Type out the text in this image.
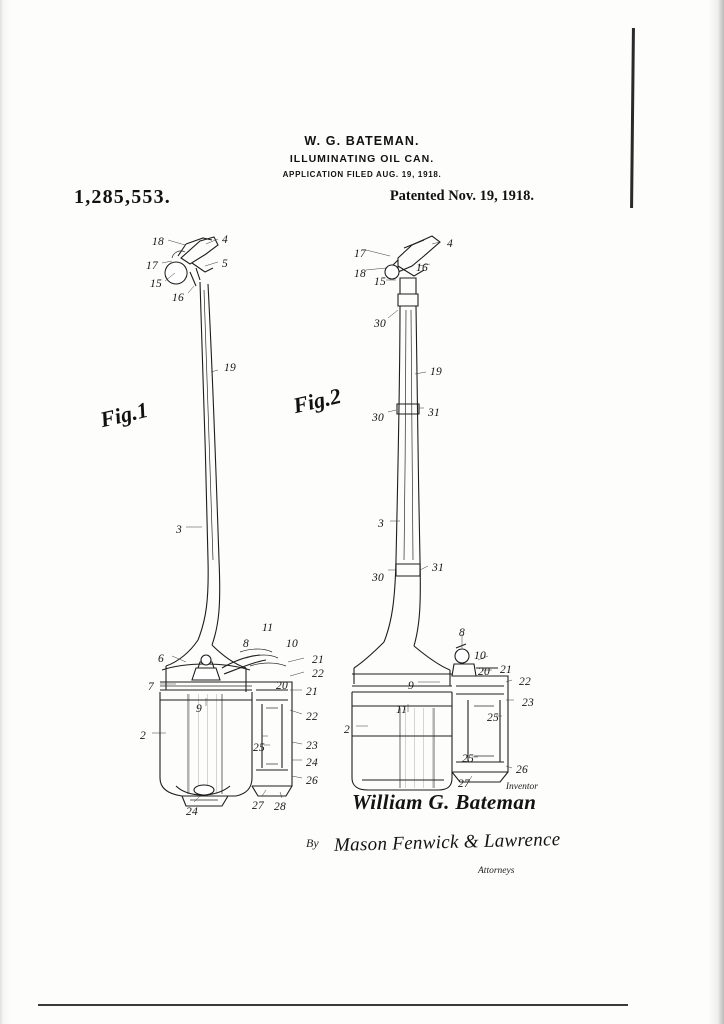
W. G. BATEMAN.
ILLUMINATING OIL CAN.
APPLICATION FILED AUG. 19, 1918.
1,285,553.	Patented Nov. 19, 1918.
Fig.1	Fig.2
18	4
17	5
15
16
19
3
11
8	10
6	21
22
7	20 21
9
22
25	23
2
24
26
27 28
24
17
4
18	16
15
30
19
30	31
3
30
31
8
10
20 21
9	22
23
11
25
2
25
26
27	Inventor
William G. Bateman
By Mason Fenwick & Lawrence
Attorneys
